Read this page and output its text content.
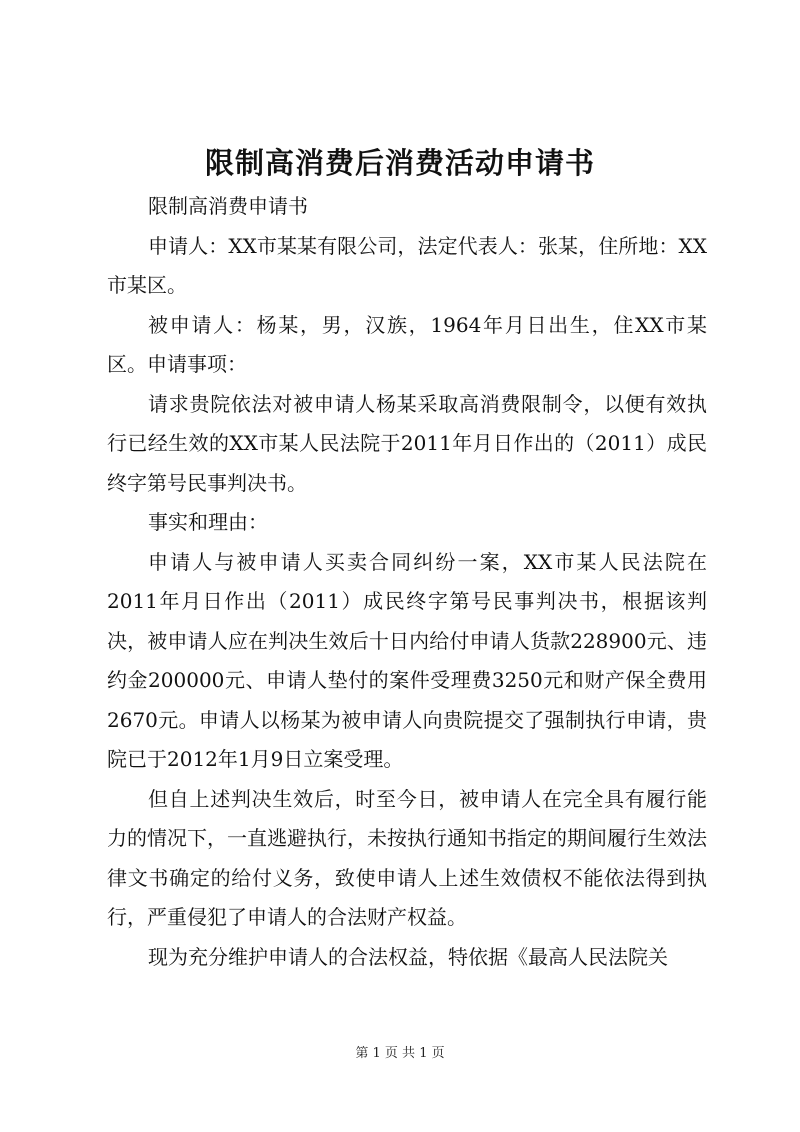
限制高消费后消费活动申请书

限制高消费申请书

申请人：XX市某某有限公司，法定代表人：张某，住所地：XX市某区。

被申请人：杨某，男，汉族，1964年月日出生，住XX市某区。申请事项：

请求贵院依法对被申请人杨某采取高消费限制令，以便有效执行已经生效的XX市某人民法院于2011年月日作出的（2011）成民终字第号民事判决书。

事实和理由：

申请人与被申请人买卖合同纠纷一案，XX市某人民法院在2011年月日作出（2011）成民终字第号民事判决书，根据该判决，被申请人应在判决生效后十日内给付申请人货款228900元、违约金200000元、申请人垫付的案件受理费3250元和财产保全费用2670元。申请人以杨某为被申请人向贵院提交了强制执行申请，贵院已于2012年1月9日立案受理。

但自上述判决生效后，时至今日，被申请人在完全具有履行能力的情况下，一直逃避执行，未按执行通知书指定的期间履行生效法律文书确定的给付义务，致使申请人上述生效债权不能依法得到执行，严重侵犯了申请人的合法财产权益。

现为充分维护申请人的合法权益，特依据《最高人民法院关

第 1 页 共 1 页
